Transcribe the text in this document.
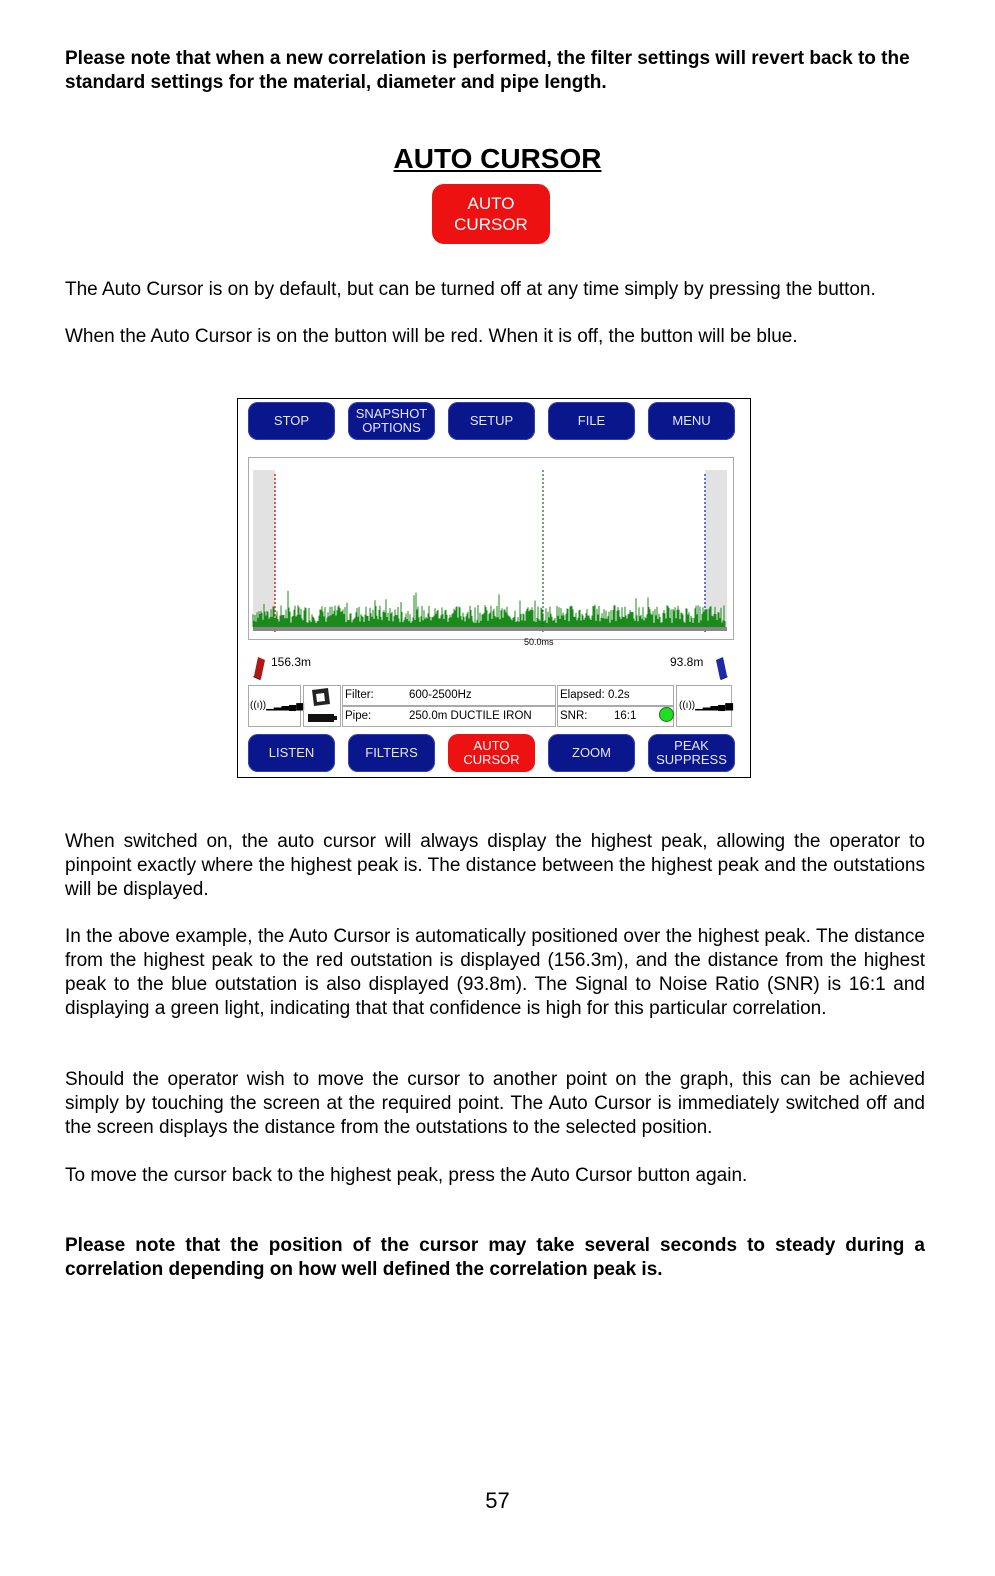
Please note that when a new correlation is performed, the filter settings will revert back to the standard settings for the material, diameter and pipe length.

AUTO CURSOR
AUTO
CURSOR

The Auto Cursor is on by default, but can be turned off at any time simply by pressing the button.

When the Auto Cursor is on the button will be red. When it is off, the button will be blue.

STOP	SNAPSHOT OPTIONS	SETUP	FILE	MENU
50.0ms
156.3m	93.8m
((ı))▁▂▃▄▅
Filter:	600-2500Hz
Pipe:	250.0m DUCTILE IRON
Elapsed: 0.2s
SNR: 16:1
((ı))▁▂▃▄▅
LISTEN	FILTERS	AUTO CURSOR	ZOOM	PEAK SUPPRESS

When switched on, the auto cursor will always display the highest peak, allowing the operator to pinpoint exactly where the highest peak is. The distance between the highest peak and the outstations will be displayed.

In the above example, the Auto Cursor is automatically positioned over the highest peak. The distance from the highest peak to the red outstation is displayed (156.3m), and the distance from the highest peak to the blue outstation is also displayed (93.8m). The Signal to Noise Ratio (SNR) is 16:1 and displaying a green light, indicating that that confidence is high for this particular correlation.

Should the operator wish to move the cursor to another point on the graph, this can be achieved simply by touching the screen at the required point. The Auto Cursor is immediately switched off and the screen displays the distance from the outstations to the selected position.

To move the cursor back to the highest peak, press the Auto Cursor button again.

Please note that the position of the cursor may take several seconds to steady during a correlation depending on how well defined the correlation peak is.

57
